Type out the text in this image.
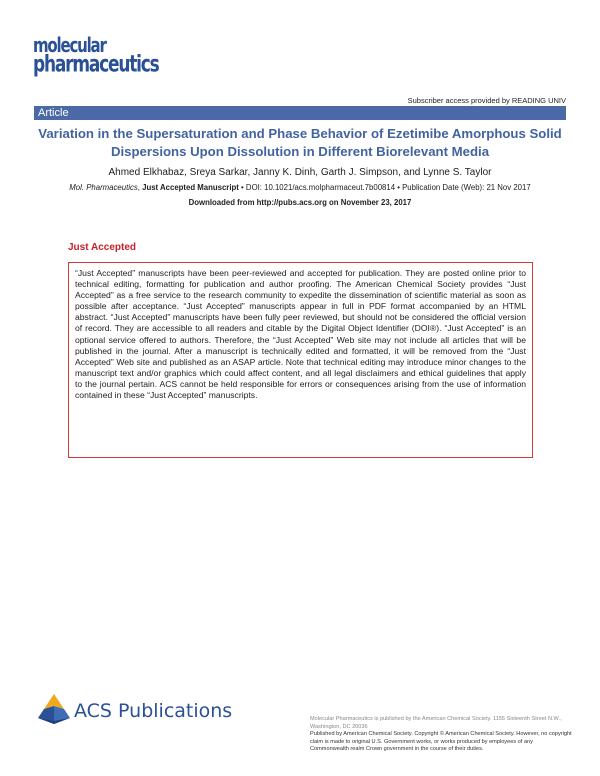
molecular
pharmaceutics
Subscriber access provided by READING UNIV
Article
Variation in the Supersaturation and Phase Behavior of Ezetimibe Amorphous Solid Dispersions Upon Dissolution in Different Biorelevant Media
Ahmed Elkhabaz, Sreya Sarkar, Janny K. Dinh, Garth J. Simpson, and Lynne S. Taylor
Mol. Pharmaceutics, Just Accepted Manuscript • DOI: 10.1021/acs.molpharmaceut.7b00814 • Publication Date (Web): 21 Nov 2017
Downloaded from http://pubs.acs.org on November 23, 2017
Just Accepted
“Just Accepted” manuscripts have been peer-reviewed and accepted for publication. They are posted online prior to technical editing, formatting for publication and author proofing. The American Chemical Society provides “Just Accepted” as a free service to the research community to expedite the dissemination of scientific material as soon as possible after acceptance. “Just Accepted” manuscripts appear in full in PDF format accompanied by an HTML abstract. “Just Accepted” manuscripts have been fully peer reviewed, but should not be considered the official version of record. They are accessible to all readers and citable by the Digital Object Identifier (DOI®). “Just Accepted” is an optional service offered to authors. Therefore, the “Just Accepted” Web site may not include all articles that will be published in the journal. After a manuscript is technically edited and formatted, it will be removed from the “Just Accepted” Web site and published as an ASAP article. Note that technical editing may introduce minor changes to the manuscript text and/or graphics which could affect content, and all legal disclaimers and ethical guidelines that apply to the journal pertain. ACS cannot be held responsible for errors or consequences arising from the use of information contained in these “Just Accepted” manuscripts.
ACS Publications	Molecular Pharmaceutics is published by the American Chemical Society. 1155 Sixteenth Street N.W., Washington, DC 20036
Published by American Chemical Society. Copyright © American Chemical Society. However, no copyright claim is made to original U.S. Government works, or works produced by employees of any Commonwealth realm Crown government in the course of their duties.
